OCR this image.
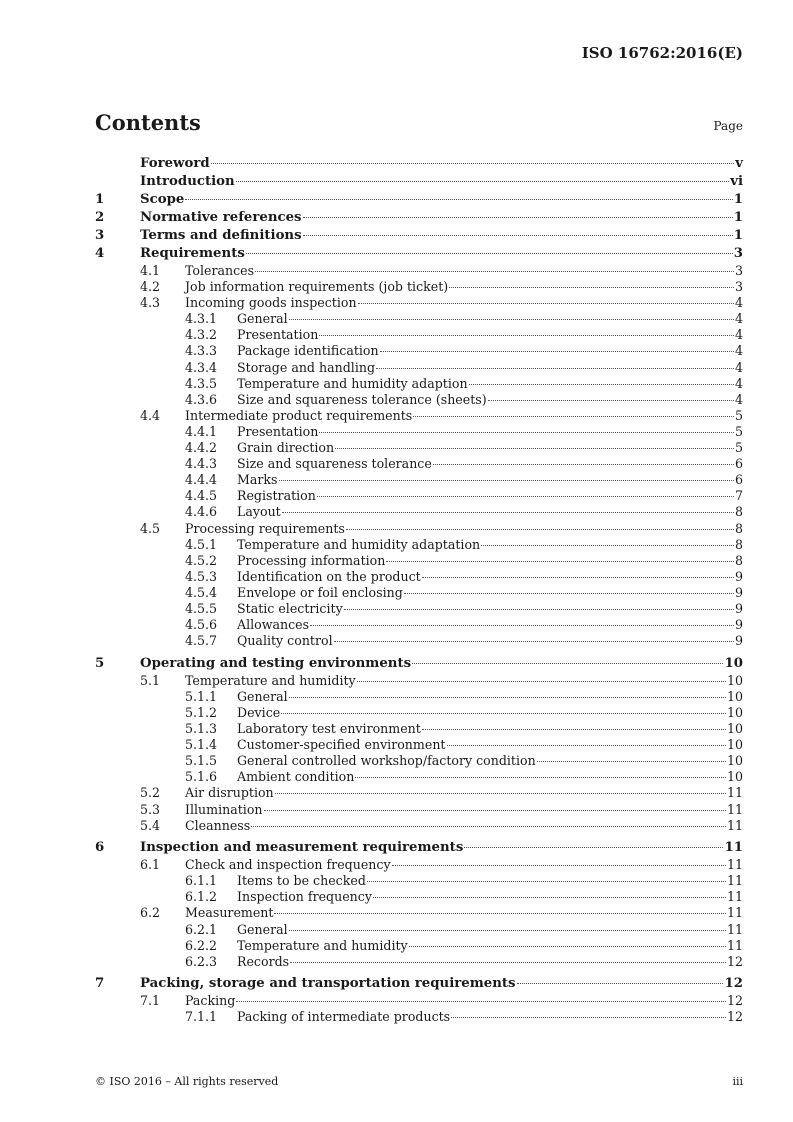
ISO 16762:2016(E)
Contents	Page
Foreword	v
Introduction	vi
1	Scope	1
2	Normative references	1
3	Terms and definitions	1
4	Requirements	3
4.1	Tolerances	3
4.2	Job information requirements (job ticket)	3
4.3	Incoming goods inspection	4
4.3.1	General	4
4.3.2	Presentation	4
4.3.3	Package identification	4
4.3.4	Storage and handling	4
4.3.5	Temperature and humidity adaption	4
4.3.6	Size and squareness tolerance (sheets)	4
4.4	Intermediate product requirements	5
4.4.1	Presentation	5
4.4.2	Grain direction	5
4.4.3	Size and squareness tolerance	6
4.4.4	Marks	6
4.4.5	Registration	7
4.4.6	Layout	8
4.5	Processing requirements	8
4.5.1	Temperature and humidity adaptation	8
4.5.2	Processing information	8
4.5.3	Identification on the product	9
4.5.4	Envelope or foil enclosing	9
4.5.5	Static electricity	9
4.5.6	Allowances	9
4.5.7	Quality control	9
5	Operating and testing environments	10
5.1	Temperature and humidity	10
5.1.1	General	10
5.1.2	Device	10
5.1.3	Laboratory test environment	10
5.1.4	Customer-specified environment	10
5.1.5	General controlled workshop/factory condition	10
5.1.6	Ambient condition	10
5.2	Air disruption	11
5.3	Illumination	11
5.4	Cleanness	11
6	Inspection and measurement requirements	11
6.1	Check and inspection frequency	11
6.1.1	Items to be checked	11
6.1.2	Inspection frequency	11
6.2	Measurement	11
6.2.1	General	11
6.2.2	Temperature and humidity	11
6.2.3	Records	12
7	Packing, storage and transportation requirements	12
7.1	Packing	12
7.1.1	Packing of intermediate products	12
© ISO 2016 – All rights reserved	iii
